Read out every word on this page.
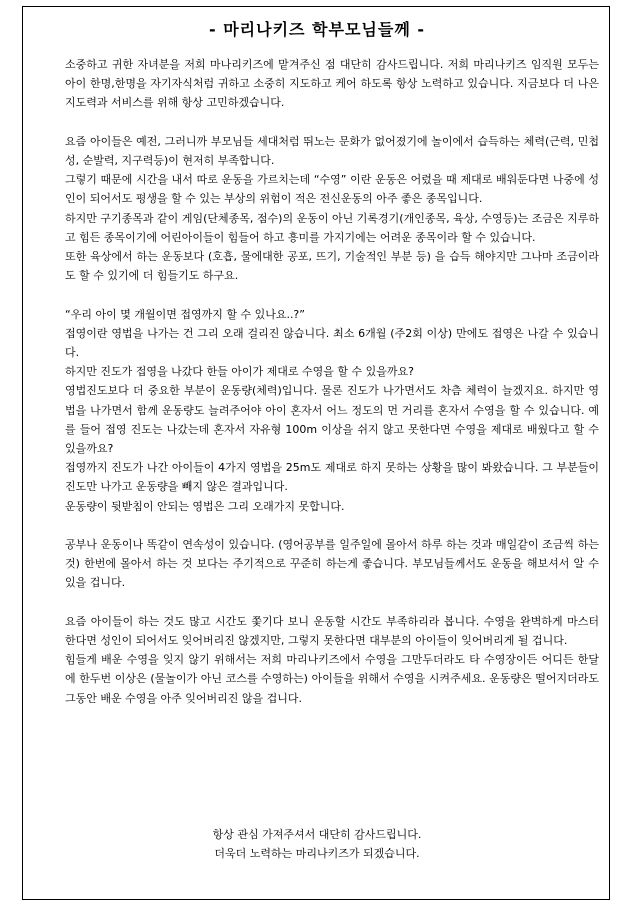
- 마리나키즈 학부모님들께 -

소중하고 귀한 자녀분을 저희 마나리키즈에 맡겨주신 점 대단히 감사드립니다. 저희 마리나키즈 임직원 모두는 아이 한명,한명을 자기자식처럼 귀하고 소중히 지도하고 케어 하도록 항상 노력하고 있습니다. 지금보다 더 나은 지도력과 서비스를 위해 항상 고민하겠습니다.

요즘 아이들은 예전, 그러니까 부모님들 세대처럼 뛰노는 문화가 없어졌기에 놀이에서 습득하는 체력(근력, 민첩성, 순발력, 지구력등)이 현저히 부족합니다.

그렇기 때문에 시간을 내서 따로 운동을 가르치는데 “수영” 이란 운동은 어렸을 때 제대로 배워둔다면 나중에 성인이 되어서도 평생을 할 수 있는 부상의 위험이 적은 전신운동의 아주 좋은 종목입니다.

하지만 구기종목과 같이 게임(단체종목, 점수)의 운동이 아닌 기록경기(개인종목, 육상, 수영등)는 조금은 지루하고 힘든 종목이기에 어린아이들이 힘들어 하고 흥미를 가지기에는 어려운 종목이라 할 수 있습니다.

또한 육상에서 하는 운동보다 (호흡, 물에대한 공포, 뜨기, 기술적인 부분 등) 을 습득 해야지만 그나마 조금이라도 할 수 있기에 더 힘들기도 하구요.

“우리 아이 몇 개월이면 접영까지 할 수 있나요..?”

접영이란 영법을 나가는 건 그리 오래 걸리진 않습니다. 최소 6개월 (주2회 이상) 만에도 접영은 나갈 수 있습니다.

하지만 진도가 접영을 나갔다 한들 아이가 제대로 수영을 할 수 있을까요?

영법진도보다 더 중요한 부분이 운동량(체력)입니다. 물론 진도가 나가면서도 차츰 체력이 늘겠지요. 하지만 영법을 나가면서 함께 운동량도 늘려주어야 아이 혼자서 어느 정도의 먼 거리를 혼자서 수영을 할 수 있습니다. 예를 들어 접영 진도는 나갔는데 혼자서 자유형 100m 이상을 쉬지 않고 못한다면 수영을 제대로 배웠다고 할 수 있을까요?

접영까지 진도가 나간 아이들이 4가지 영법을 25m도 제대로 하지 못하는 상황을 많이 봐왔습니다. 그 부분들이 진도만 나가고 운동량을 빼지 않은 결과입니다.

운동량이 뒷받침이 안되는 영법은 그리 오래가지 못합니다.

공부나 운동이나 똑같이 연속성이 있습니다. (영어공부를 일주일에 몰아서 하루 하는 것과 매일같이 조금씩 하는 것) 한번에 몰아서 하는 것 보다는 주기적으로 꾸준히 하는게 좋습니다. 부모님들께서도 운동을 해보셔서 알 수 있을 겁니다.

요즘 아이들이 하는 것도 많고 시간도 쫓기다 보니 운동할 시간도 부족하리라 봅니다. 수영을 완벽하게 마스터 한다면 성인이 되어서도 잊어버리진 않겠지만, 그렇지 못한다면 대부분의 아이들이 잊어버리게 될 겁니다.

힘들게 배운 수영을 잊지 않기 위해서는 저희 마리나키즈에서 수영을 그만두더라도 타 수영장이든 어디든 한달에 한두번 이상은 (물놀이가 아닌 코스를 수영하는) 아이들을 위해서 수영을 시켜주세요. 운동량은 떨어지더라도 그동안 배운 수영을 아주 잊어버리진 않을 겁니다.

항상 관심 가져주셔서 대단히 감사드립니다.

더욱더 노력하는 마리나키즈가 되겠습니다.
